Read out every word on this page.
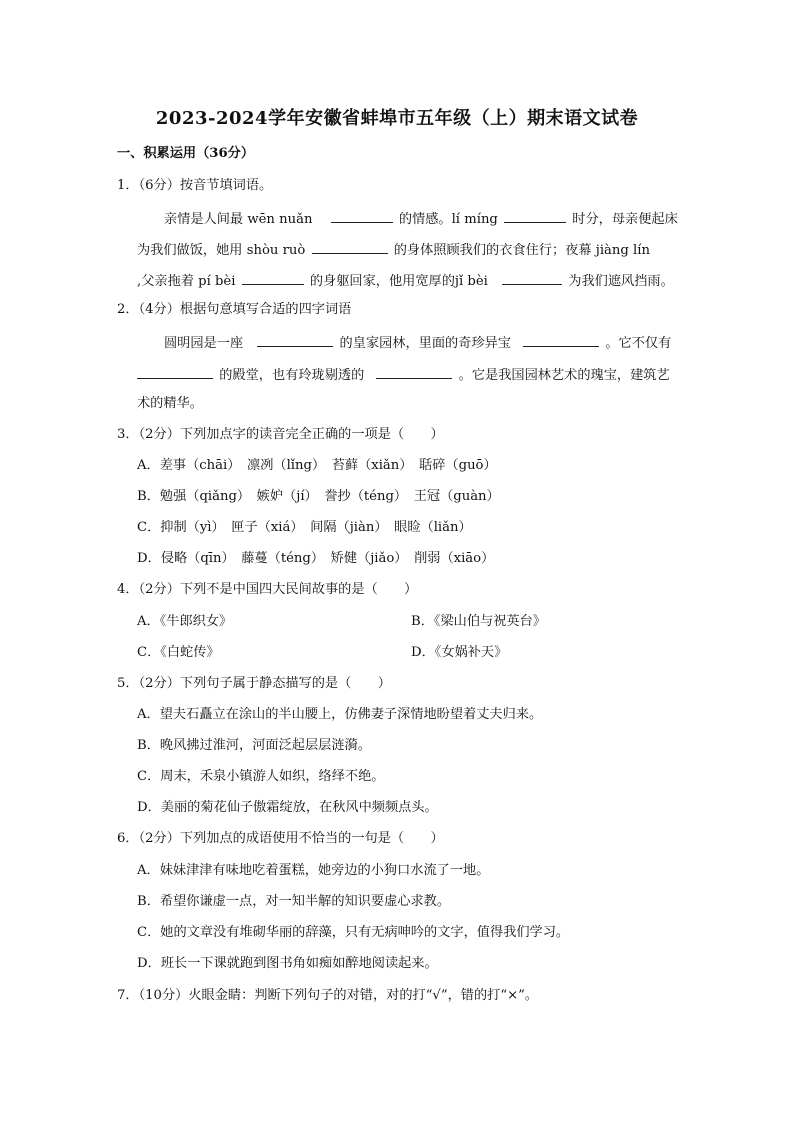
2023-2024学年安徽省蚌埠市五年级（上）期末语文试卷
一、积累运用（36分）
1．（6分）按音节填词语。
亲情是人间最 wēn nuǎn	的情感。lí míng	时分，母亲便起床
为我们做饭，她用 shòu ruò	的身体照顾我们的衣食住行；夜幕 jiàng lín
,父亲拖着 pí bèi	的身躯回家，他用宽厚的jǐ bèi	为我们遮风挡雨。
2．（4分）根据句意填写合适的四字词语
圆明园是一座	的皇家园林，里面的奇珍异宝	。它不仅有
的殿堂，也有玲珑剔透的	。它是我国园林艺术的瑰宝，建筑艺
术的精华。
3．（2分）下列加点字的读音完全正确的一项是（　　）
A．差事（chāi）　凛冽（lǐng）　苔藓（xiǎn）　聒碎（guō）
B．勉强（qiǎng）　嫉妒（jí）　誊抄（téng）　王冠（guàn）
C．抑制（yì）　匣子（xiá）　间隔（jiàn）　眼睑（liǎn）
D．侵略（qīn）　藤蔓（téng）　矫健（jiǎo）　削弱（xiāo）
4．（2分）下列不是中国四大民间故事的是（　　）
A．《牛郎织女》	B．《梁山伯与祝英台》
C．《白蛇传》	D．《女娲补天》
5．（2分）下列句子属于静态描写的是（　　）
A．望夫石矗立在涂山的半山腰上，仿佛妻子深情地盼望着丈夫归来。
B．晚风拂过淮河，河面泛起层层涟漪。
C．周末，禾泉小镇游人如织，络绎不绝。
D．美丽的菊花仙子傲霜绽放，在秋风中频频点头。
6．（2分）下列加点的成语使用不恰当的一句是（　　）
A．妹妹津津有味地吃着蛋糕，她旁边的小狗口水流了一地。
B．希望你谦虚一点，对一知半解的知识要虚心求教。
C．她的文章没有堆砌华丽的辞藻，只有无病呻吟的文字，值得我们学习。
D．班长一下课就跑到图书角如痴如醉地阅读起来。
7．（10分）火眼金睛：判断下列句子的对错，对的打“√”，错的打“×”。
